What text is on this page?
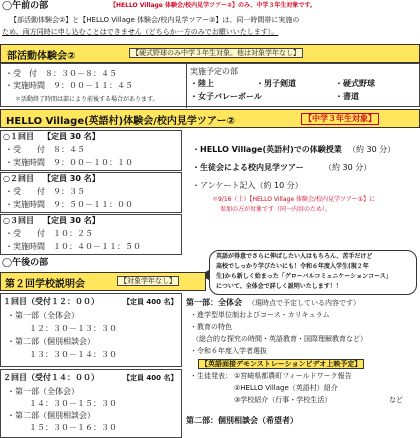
◯午前の部	【HELLO Village 体験会/校内見学ツアー②】のみ、中学３年生対象です。
【部活動体験会②】と【HELLO Village 体験会/校内見学ツアー②】は、同一時間帯に実施の
ため、両方同時に申し込むことはできません（どちらか一方のみでお願いいたします）。
部活動体験会②	【硬式野球のみ中学３年生対象。他は対象学年なし】
・受　付　８：３０－８：４５
・実施時間　９：００－１１：４５
＊活動終了時間は部により前後する場合があります。
実施予定の部
・陸上	・男子剣道	・硬式野球
・女子バレーボール	・書道
HELLO Village(英語村)体験会/校内見学ツアー②	【中学３年生対象】
○１回目 【定員 30 名】
・受　　付　８：４５
・実施時間　９：００－１０：１０
○２回目 【定員 30 名】
・受　　付　９：３５
・実施時間　９：５０－１１：００
○３回目 【定員 30 名】
・受　　付　１０：２５
・実施時間　１０：４０－１１：５０
・HELLO Village(英語村)での体験授業 （約 30 分）
・生徒会による校内見学ツアー	（約 30 分）
・アンケート記入（約 10 分）
＊9/16（土）【HELLO Village 体験会/校内見学ツアー①】に
参加の方が対象です（同一内容のため）。
◯午後の部
英語が得意でさらに伸ばしたい人はもちろん、苦手だけど
高校でしっかり学びたいにも！令和６年度入学生(現２年
生)から新しく始まった「グローバルコミュニケーションコース」
について、全体会で詳しく説明いたします！！
第２回学校説明会	【対象学年なし】
１回目（受付１２：００）	【定員 400 名】
・第一部（全体会）
１２：３０－１３：３０
・第二部（個別相談会）
１３：３０－１４：３０
２回目（受付１４：００）	【定員 400 名】
・第一部（全体会）
１４：３０－１５：３０
・第二部（個別相談会）
１５：３０－１６：３０
第一部：全体会 （現時点で予定している内容です）
・進学型単位制およびコース・カリキュラム
・教育の特色
（総合的な探究の時間・英語教育・国際理解教育など）
・令和６年度入学者選抜
【英語面接デモンストレーションビデオ上映予定】
・生徒発表： ①宮崎県都農町フィールドワーク報告
②HELLO Village（英語村）紹介
③学校紹介（行事・学校生活）	など
第二部：個別相談会（希望者）
